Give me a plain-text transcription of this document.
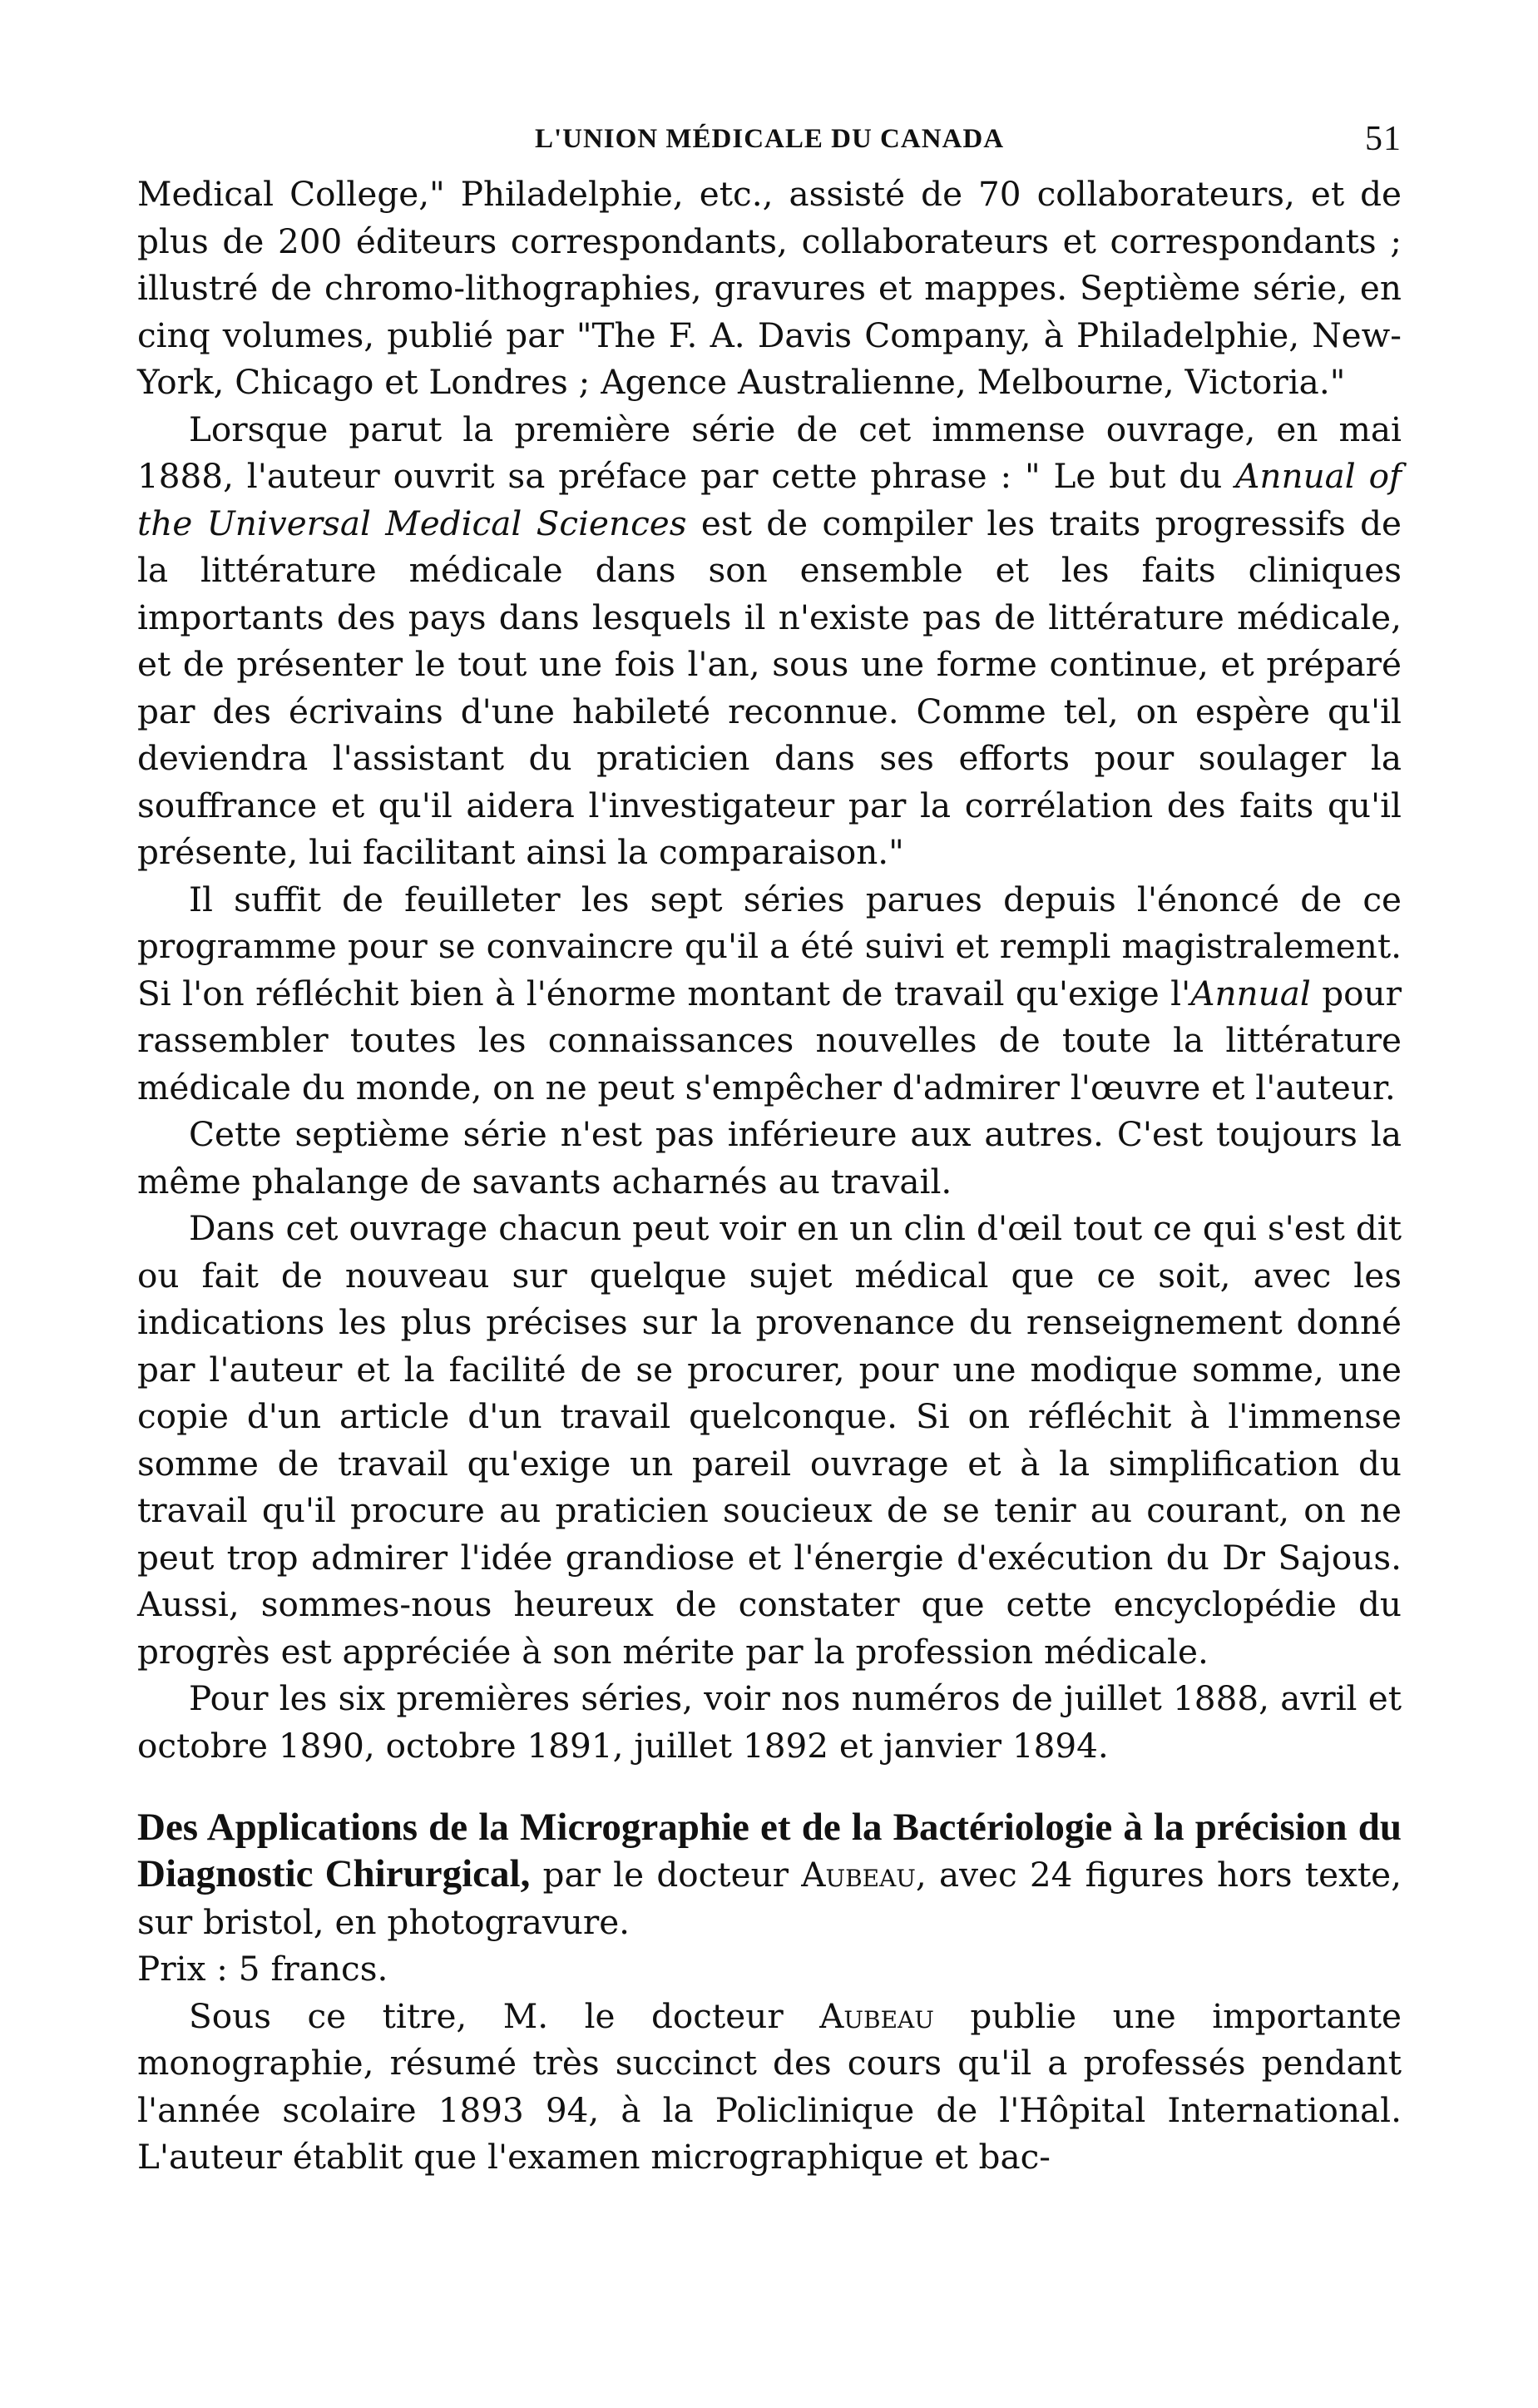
L'UNION MÉDICALE DU CANADA	51

Medical College," Philadelphie, etc., assisté de 70 collaborateurs, et de plus de 200 éditeurs correspondants, collaborateurs et correspondants ; illustré de chromo-lithographies, gravures et mappes. Septième série, en cinq volumes, publié par "The F. A. Davis Company, à Philadelphie, New-York, Chicago et Londres ; Agence Australienne, Melbourne, Victoria."

Lorsque parut la première série de cet immense ouvrage, en mai 1888, l'auteur ouvrit sa préface par cette phrase : " Le but du Annual of the Universal Medical Sciences est de compiler les traits progressifs de la littérature médicale dans son ensemble et les faits cliniques importants des pays dans lesquels il n'existe pas de littérature médicale, et de présenter le tout une fois l'an, sous une forme continue, et préparé par des écrivains d'une habileté reconnue. Comme tel, on espère qu'il deviendra l'assistant du praticien dans ses efforts pour soulager la souffrance et qu'il aidera l'investigateur par la corrélation des faits qu'il présente, lui facilitant ainsi la comparaison."

Il suffit de feuilleter les sept séries parues depuis l'énoncé de ce programme pour se convaincre qu'il a été suivi et rempli magistralement. Si l'on réfléchit bien à l'énorme montant de travail qu'exige l'Annual pour rassembler toutes les connaissances nouvelles de toute la littérature médicale du monde, on ne peut s'empêcher d'admirer l'œuvre et l'auteur.

Cette septième série n'est pas inférieure aux autres. C'est toujours la même phalange de savants acharnés au travail.

Dans cet ouvrage chacun peut voir en un clin d'œil tout ce qui s'est dit ou fait de nouveau sur quelque sujet médical que ce soit, avec les indications les plus précises sur la provenance du renseignement donné par l'auteur et la facilité de se procurer, pour une modique somme, une copie d'un article d'un travail quelconque. Si on réfléchit à l'immense somme de travail qu'exige un pareil ouvrage et à la simplification du travail qu'il procure au praticien soucieux de se tenir au courant, on ne peut trop admirer l'idée grandiose et l'énergie d'exécution du Dr Sajous. Aussi, sommes-nous heureux de constater que cette encyclopédie du progrès est appréciée à son mérite par la profession médicale.

Pour les six premières séries, voir nos numéros de juillet 1888, avril et octobre 1890, octobre 1891, juillet 1892 et janvier 1894.

Des Applications de la Micrographie et de la Bactériologie à la précision du Diagnostic Chirurgical, par le docteur Aubeau, avec 24 figures hors texte, sur bristol, en photogravure.
Prix : 5 francs.

Sous ce titre, M. le docteur Aubeau publie une importante monographie, résumé très succinct des cours qu'il a professés pendant l'année scolaire 1893 94, à la Policlinique de l'Hôpital International. L'auteur établit que l'examen micrographique et bac-
